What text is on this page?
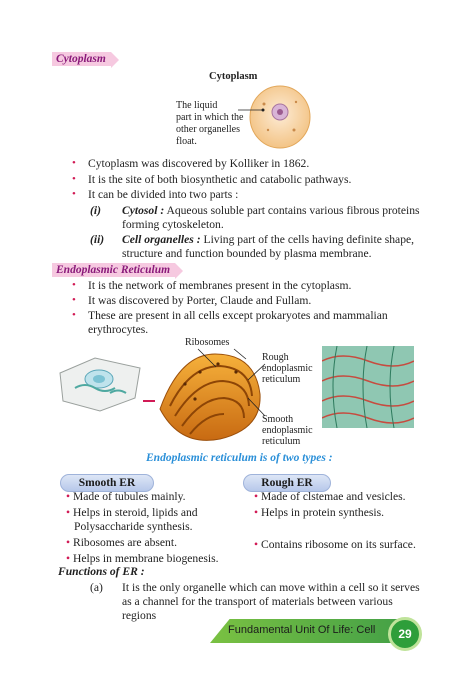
Cytoplasm
Cytoplasm
The liquid
part in which the
other organelles
float.
• Cytoplasm was discovered by Kolliker in 1862.
• It is the site of both biosynthetic and catabolic pathways.
• It can be divided into two parts :
(i) Cytosol : Aqueous soluble part contains various fibrous proteins
forming cytoskeleton.
(ii) Cell organelles : Living part of the cells having definite shape,
structure and function bounded by plasma membrane.
Endoplasmic Reticulum
• It is the network of membranes present in the cytoplasm.
• It was discovered by Porter, Claude and Fullam.
• These are present in all cells except prokaryotes and mammalian
erythrocytes.
Ribosomes
Rough
endoplasmic
reticulum
Smooth
endoplasmic
reticulum
Endoplasmic reticulum is of two types :
Smooth ER
• Made of tubules mainly.
• Helps in steroid, lipids and
Polysaccharide synthesis.
• Ribosomes are absent.
• Helps in membrane biogenesis.
Rough ER
• Made of clstemae and vesicles.
• Helps in protein synthesis.
• Contains ribosome on its surface.
Functions of ER :
(a) It is the only organelle which can move within a cell so it serves
as a channel for the transport of materials between various regions
Fundamental Unit Of Life: Cell	29
